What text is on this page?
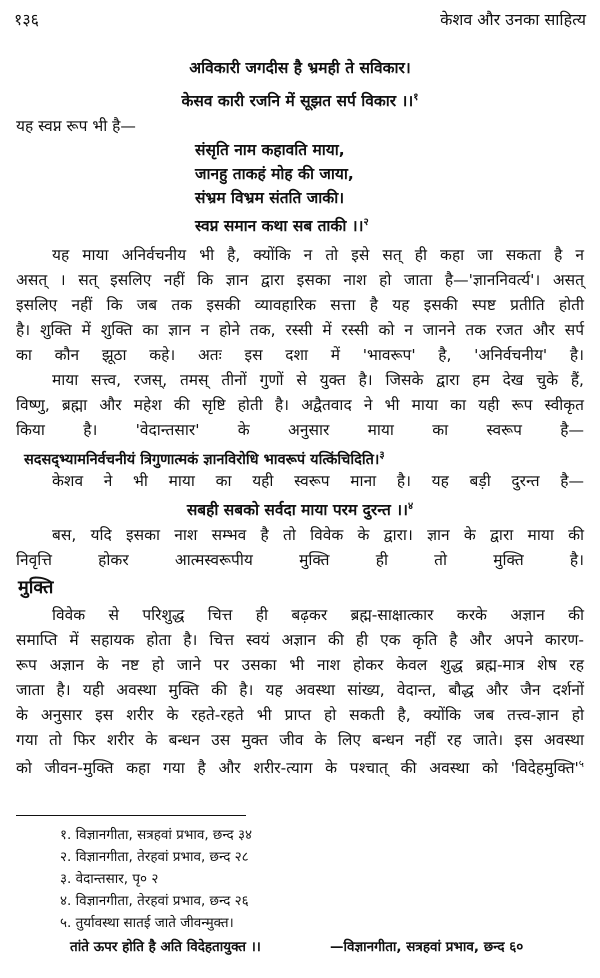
१३६	केशव और उनका साहित्य
अविकारी जगदीस है भ्रमही ते सविकार।
केसव कारी रजनि में सूझत सर्प विकार ।।$^१$
यह स्वप्न रूप भी है—
संसृति नाम कहावति माया,
जानहु ताकहं मोह की जाया,
संभ्रम विभ्रम संतति जाकी।
स्वप्न समान कथा सब ताकी ।।$^२$
यह माया अनिर्वचनीय भी है, क्योंकि न तो इसे सत् ही कहा जा सकता है न
असत् । सत् इसलिए नहीं कि ज्ञान द्वारा इसका नाश हो जाता है—'ज्ञाननिवर्त्य'। असत्
इसलिए नहीं कि जब तक इसकी व्यावहारिक सत्ता है यह इसकी स्पष्ट प्रतीति होती
है। शुक्ति में शुक्ति का ज्ञान न होने तक, रस्सी में रस्सी को न जानने तक रजत और सर्प
का कौन झूठा कहे। अतः इस दशा में 'भावरूप' है, 'अनिर्वचनीय' है।
माया सत्त्व, रजस्, तमस् तीनों गुणों से युक्त है। जिसके द्वारा हम देख चुके हैं,
विष्णु, ब्रह्मा और महेश की सृष्टि होती है। अद्वैतवाद ने भी माया का यही रूप स्वीकृत
किया है। 'वेदान्तसार' के अनुसार माया का स्वरूप है—
सदसद्भ्यामनिर्वचनीयं त्रिगुणात्मकं ज्ञानविरोधि भावरूपं यत्किंचिदिति।$^३$
केशव ने भी माया का यही स्वरूप माना है। यह बड़ी दुरन्त है—
सबही सबको सर्वदा माया परम दुरन्त ।।$^४$
बस, यदि इसका नाश सम्भव है तो विवेक के द्वारा। ज्ञान के द्वारा माया की
निवृत्ति होकर आत्मस्वरूपीय मुक्ति ही तो मुक्ति है।
मुक्ति
विवेक से परिशुद्ध चित्त ही बढ़कर ब्रह्म-साक्षात्कार करके अज्ञान की
समाप्ति में सहायक होता है। चित्त स्वयं अज्ञान की ही एक कृति है और अपने कारण-
रूप अज्ञान के नष्ट हो जाने पर उसका भी नाश होकर केवल शुद्ध ब्रह्म-मात्र शेष रह
जाता है। यही अवस्था मुक्ति की है। यह अवस्था सांख्य, वेदान्त, बौद्ध और जैन दर्शनों
के अनुसार इस शरीर के रहते-रहते भी प्राप्त हो सकती है, क्योंकि जब तत्त्व-ज्ञान हो
गया तो फिर शरीर के बन्धन उस मुक्त जीव के लिए बन्धन नहीं रह जाते। इस अवस्था
को जीवन-मुक्ति कहा गया है और शरीर-त्याग के पश्चात् की अवस्था को '$विदेहमुक्ति'^५$
१. विज्ञानगीता, सत्रहवां प्रभाव, छन्द ३४
२. विज्ञानगीता, तेरहवां प्रभाव, छन्द २८
३. वेदान्तसार, पृ० २
४. विज्ञानगीता, तेरहवां प्रभाव, छन्द २६
५. तुर्यावस्था सातई जाते जीवन्मुक्त।
तांते ऊपर होति है अति विदेहतायुक्त ।।	—विज्ञानगीता, सत्रहवां प्रभाव, छन्द ६०
